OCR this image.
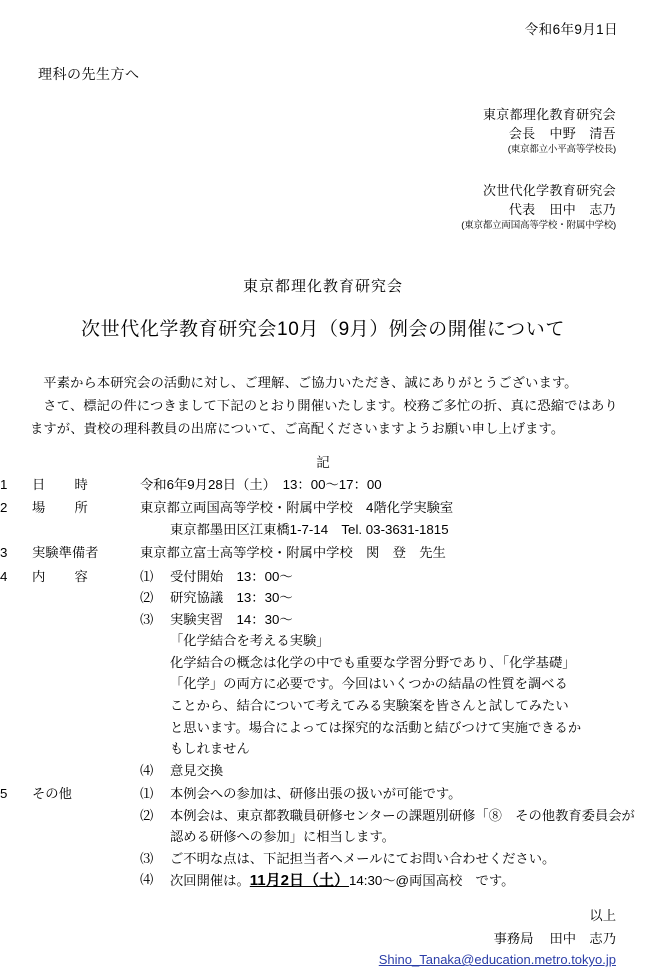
令和6年9月1日
理科の先生方へ
東京都理化教育研究会
会長 中野　清吾
(東京都立小平高等学校長)
次世代化学教育研究会
代表 田中　志乃
(東京都立両国高等学校・附属中学校)
東京都理化教育研究会
次世代化学教育研究会10月（9月）例会の開催について

平素から本研究会の活動に対し、ご理解、ご協力いただき、誠にありがとうございます。

さて、標記の件につきまして下記のとおり開催いたします。校務ご多忙の折、真に恐縮ではありますが、貴校の理科教員の出席について、ご高配くださいますようお願い申し上げます。

記
1	日　時	令和6年9月28日（土）　13：00〜17：00
2	場　所	東京都立両国高等学校・附属中学校　4階化学実験室
東京都墨田区江東橋1-7-14　Tel. 03-3631-1815

3	実験準備者	東京都立富士高等学校・附属中学校　関　登　先生
4	内　容	⑴	受付開始　13：00〜
⑵	研究協議　13：30〜
⑶	実験実習　14：30〜
「化学結合を考える実験」
化学結合の概念は化学の中でも重要な学習分野であり、「化学基礎」
「化学」の両方に必要です。今回はいくつかの結晶の性質を調べる
ことから、結合について考えてみる実験案を皆さんと試してみたい
と思います。場合によっては探究的な活動と結びつけて実施できるか
もしれません
⑷	意見交換

5	その他	⑴	本例会への参加は、研修出張の扱いが可能です。
⑵	本例会は、東京都教職員研修センターの課題別研修「⑧　その他教育委員会が
認める研修への参加」に相当します。
⑶	ご不明な点は、下記担当者へメールにてお問い合わせください。
⑷	次回開催は。11月2日（土）14:30〜@両国高校　です。
以上
事務局 田中　志乃
Shino_Tanaka@education.metro.tokyo.jp
